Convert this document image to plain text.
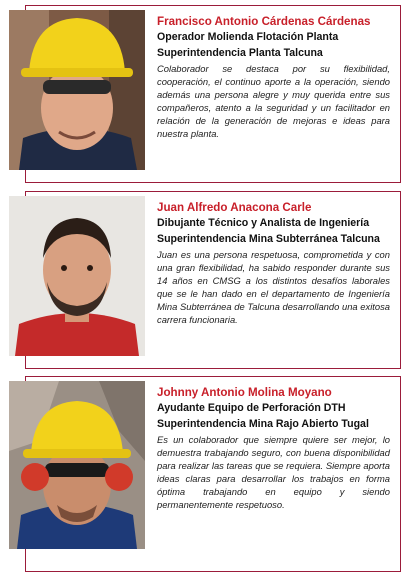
Francisco Antonio Cárdenas Cárdenas

Operador Molienda Flotación Planta

Superintendencia Planta Talcuna

Colaborador se destaca por su flexibilidad, cooperación, el continuo aporte a la operación, siendo además una persona alegre y muy querida entre sus compañeros, atento a la seguridad y un facilitador en relación de la generación de mejoras e ideas para nuestra planta.

Juan Alfredo Anacona Carle

Dibujante Técnico y Analista de Ingeniería

Superintendencia Mina Subterránea Talcuna

Juan es una persona respetuosa, comprometida y con una gran flexibilidad, ha sabido responder durante sus 14 años en CMSG a los distintos desafíos laborales que se le han dado en el departamento de Ingeniería Mina Subterránea de Talcuna desarrollando una exitosa carrera funcionaria.

Johnny Antonio Molina Moyano

Ayudante Equipo de Perforación DTH

Superintendencia Mina Rajo Abierto Tugal

Es un colaborador que siempre quiere ser mejor, lo demuestra trabajando seguro, con buena disponibilidad para realizar las tareas que se requiera. Siempre aporta ideas claras para desarrollar los trabajos en forma óptima trabajando en equipo y siendo permanentemente respetuoso.
